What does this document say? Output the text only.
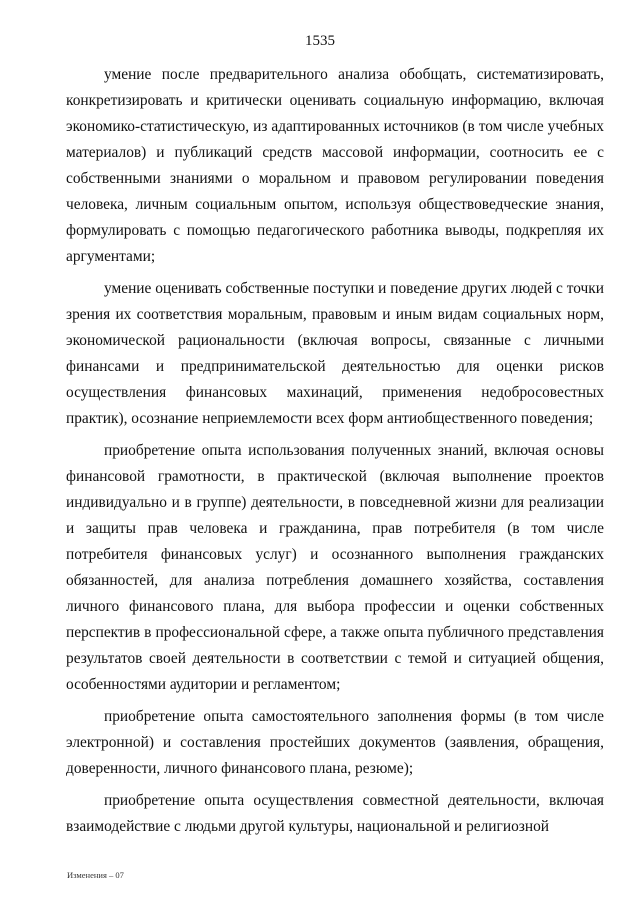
1535

умение после предварительного анализа обобщать, систематизировать, конкретизировать и критически оценивать социальную информацию, включая экономико-статистическую, из адаптированных источников (в том числе учебных материалов) и публикаций средств массовой информации, соотносить ее с собственными знаниями о моральном и правовом регулировании поведения человека, личным социальным опытом, используя обществоведческие знания, формулировать с помощью педагогического работника выводы, подкрепляя их аргументами;

умение оценивать собственные поступки и поведение других людей с точки зрения их соответствия моральным, правовым и иным видам социальных норм, экономической рациональности (включая вопросы, связанные с личными финансами и предпринимательской деятельностью для оценки рисков осуществления финансовых махинаций, применения недобросовестных практик), осознание неприемлемости всех форм антиобщественного поведения;

приобретение опыта использования полученных знаний, включая основы финансовой грамотности, в практической (включая выполнение проектов индивидуально и в группе) деятельности, в повседневной жизни для реализации и защиты прав человека и гражданина, прав потребителя (в том числе потребителя финансовых услуг) и осознанного выполнения гражданских обязанностей, для анализа потребления домашнего хозяйства, составления личного финансового плана, для выбора профессии и оценки собственных перспектив в профессиональной сфере, а также опыта публичного представления результатов своей деятельности в соответствии с темой и ситуацией общения, особенностями аудитории и регламентом;

приобретение опыта самостоятельного заполнения формы (в том числе электронной) и составления простейших документов (заявления, обращения, доверенности, личного финансового плана, резюме);

приобретение опыта осуществления совместной деятельности, включая взаимодействие с людьми другой культуры, национальной и религиозной

Изменения – 07
